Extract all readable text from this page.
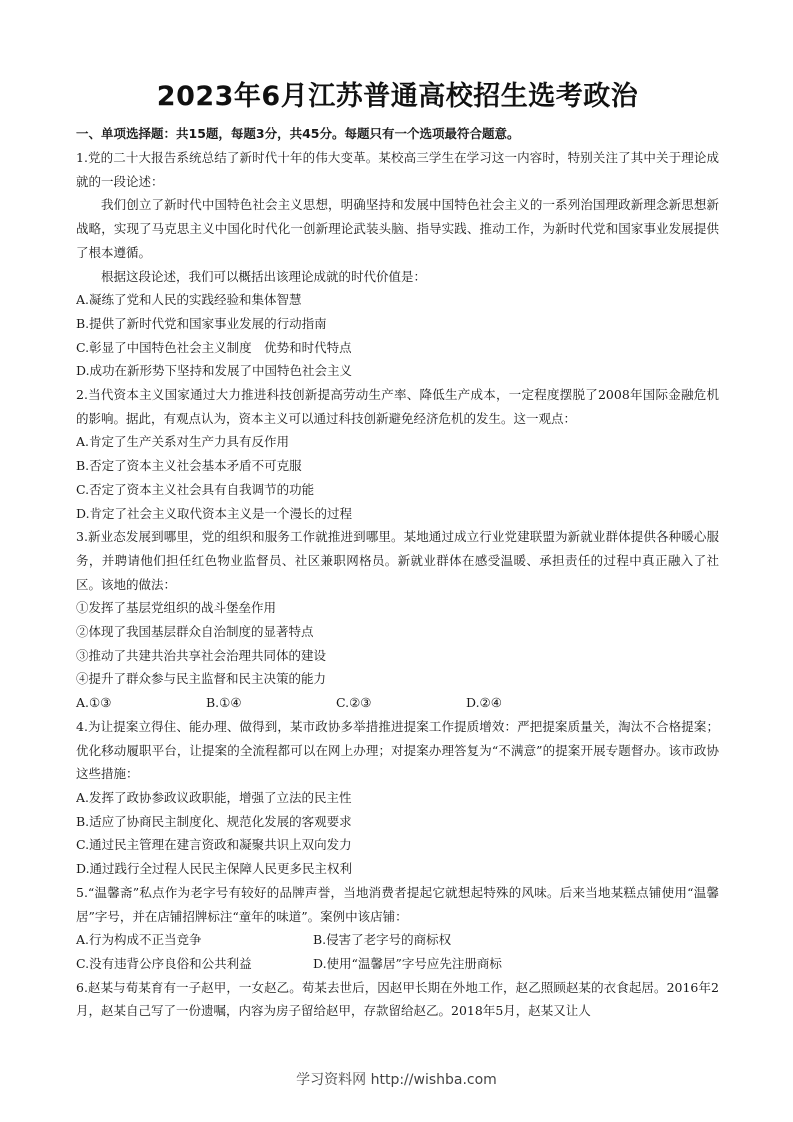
2023年6月江苏普通高校招生选考政治

一、单项选择题：共15题，每题3分，共45分。每题只有一个选项最符合题意。

1.党的二十大报告系统总结了新时代十年的伟大变革。某校高三学生在学习这一内容时，特别关注了其中关于理论成就的一段论述：

我们创立了新时代中国特色社会主义思想，明确坚持和发展中国特色社会主义的一系列治国理政新理念新思想新战略，实现了马克思主义中国化时代化一创新理论武装头脑、指导实践、推动工作，为新时代党和国家事业发展提供了根本遵循。

根据这段论述，我们可以概括出该理论成就的时代价值是：

A.凝练了党和人民的实践经验和集体智慧

B.提供了新时代党和国家事业发展的行动指南

C.彰显了中国特色社会主义制度　优势和时代特点

D.成功在新形势下坚持和发展了中国特色社会主义

2.当代资本主义国家通过大力推进科技创新提高劳动生产率、降低生产成本，一定程度摆脱了2008年国际金融危机的影响。据此，有观点认为，资本主义可以通过科技创新避免经济危机的发生。这一观点：

A.肯定了生产关系对生产力具有反作用

B.否定了资本主义社会基本矛盾不可克服

C.否定了资本主义社会具有自我调节的功能

D.肯定了社会主义取代资本主义是一个漫长的过程

3.新业态发展到哪里，党的组织和服务工作就推进到哪里。某地通过成立行业党建联盟为新就业群体提供各种暖心服务，并聘请他们担任红色物业监督员、社区兼职网格员。新就业群体在感受温暖、承担责任的过程中真正融入了社区。该地的做法：

①发挥了基层党组织的战斗堡垒作用

②体现了我国基层群众自治制度的显著特点

③推动了共建共治共享社会治理共同体的建设

④提升了群众参与民主监督和民主决策的能力

A.①③	B.①④	C.②③	D.②④

4.为让提案立得住、能办理、做得到，某市政协多举措推进提案工作提质增效：严把提案质量关，淘汰不合格提案；优化移动履职平台，让提案的全流程都可以在网上办理；对提案办理答复为“不满意”的提案开展专题督办。该市政协这些措施：

A.发挥了政协参政议政职能，增强了立法的民主性

B.适应了协商民主制度化、规范化发展的客观要求

C.通过民主管理在建言资政和凝聚共识上双向发力

D.通过践行全过程人民民主保障人民更多民主权利

5.“温馨斋”私点作为老字号有较好的品牌声誉，当地消费者提起它就想起特殊的风味。后来当地某糕点铺使用“温馨居”字号，并在店铺招牌标注“童年的味道”。案例中该店铺：

A.行为构成不正当竞争	B.侵害了老字号的商标权
C.没有违背公序良俗和公共利益	D.使用“温馨居”字号应先注册商标

6.赵某与荀某育有一子赵甲，一女赵乙。荀某去世后，因赵甲长期在外地工作，赵乙照顾赵某的衣食起居。2016年2月，赵某自己写了一份遗嘱，内容为房子留给赵甲，存款留给赵乙。2018年5月，赵某又让人

学习资料网 http://wishba.com
